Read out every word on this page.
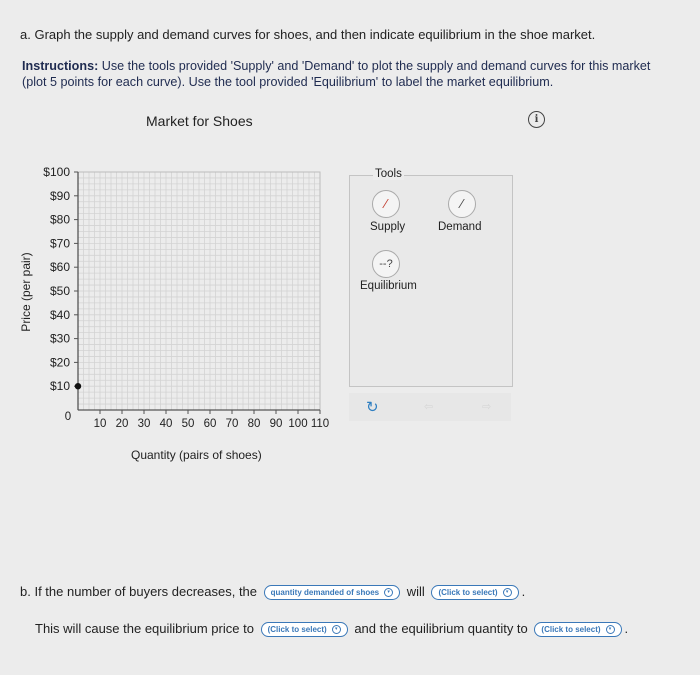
a. Graph the supply and demand curves for shoes, and then indicate equilibrium in the shoe market.
Instructions: Use the tools provided 'Supply' and 'Demand' to plot the supply and demand curves for this market (plot 5 points for each curve). Use the tool provided 'Equilibrium' to label the market equilibrium.
Market for Shoes	i
$10
$20
$30
$40
$50
$60
$70
$80
$90
$100
10 20 30 40 50 60 70 80 90 100 110
0
Price (per pair)
Quantity (pairs of shoes)
Tools
⁄
Supply
⁄
Demand
‐‐?
Equilibrium
↻	⇦	⇨
b. If the number of buyers decreases, the quantity demanded of shoes ▾ will (Click to select) ▾ .
This will cause the equilibrium price to (Click to select) ▾ and the equilibrium quantity to (Click to select) ▾ .
